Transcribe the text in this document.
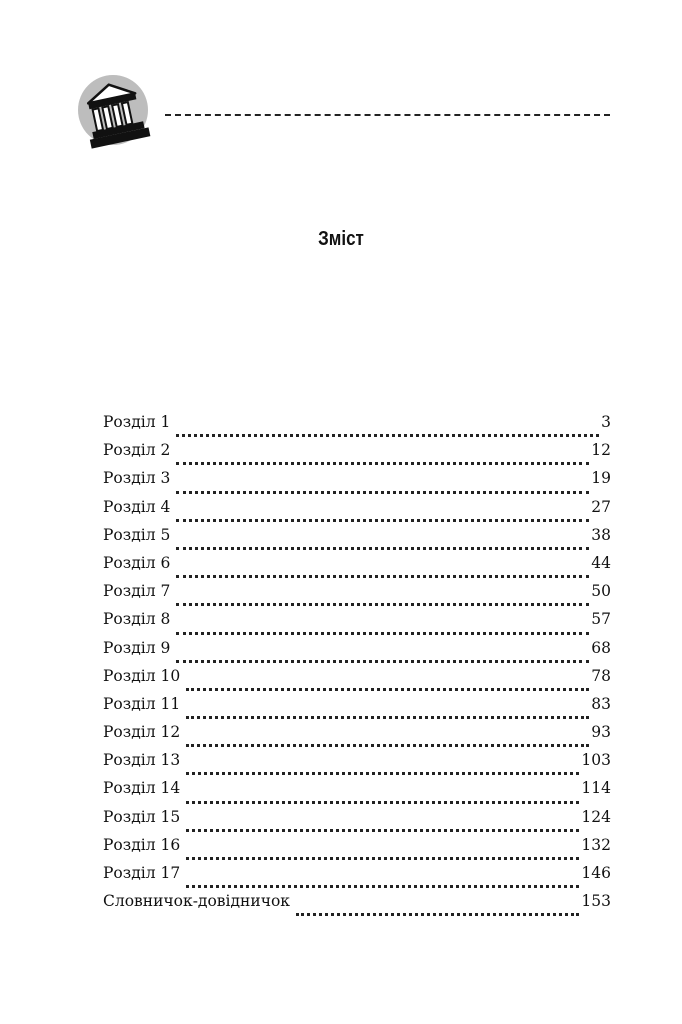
Зміст
Розділ 1	3
Розділ 2	12
Розділ 3	19
Розділ 4	27
Розділ 5	38
Розділ 6	44
Розділ 7	50
Розділ 8	57
Розділ 9	68
Розділ 10	78
Розділ 11	83
Розділ 12	93
Розділ 13	103
Розділ 14	114
Розділ 15	124
Розділ 16	132
Розділ 17	146
Словничок-довідничок	153
